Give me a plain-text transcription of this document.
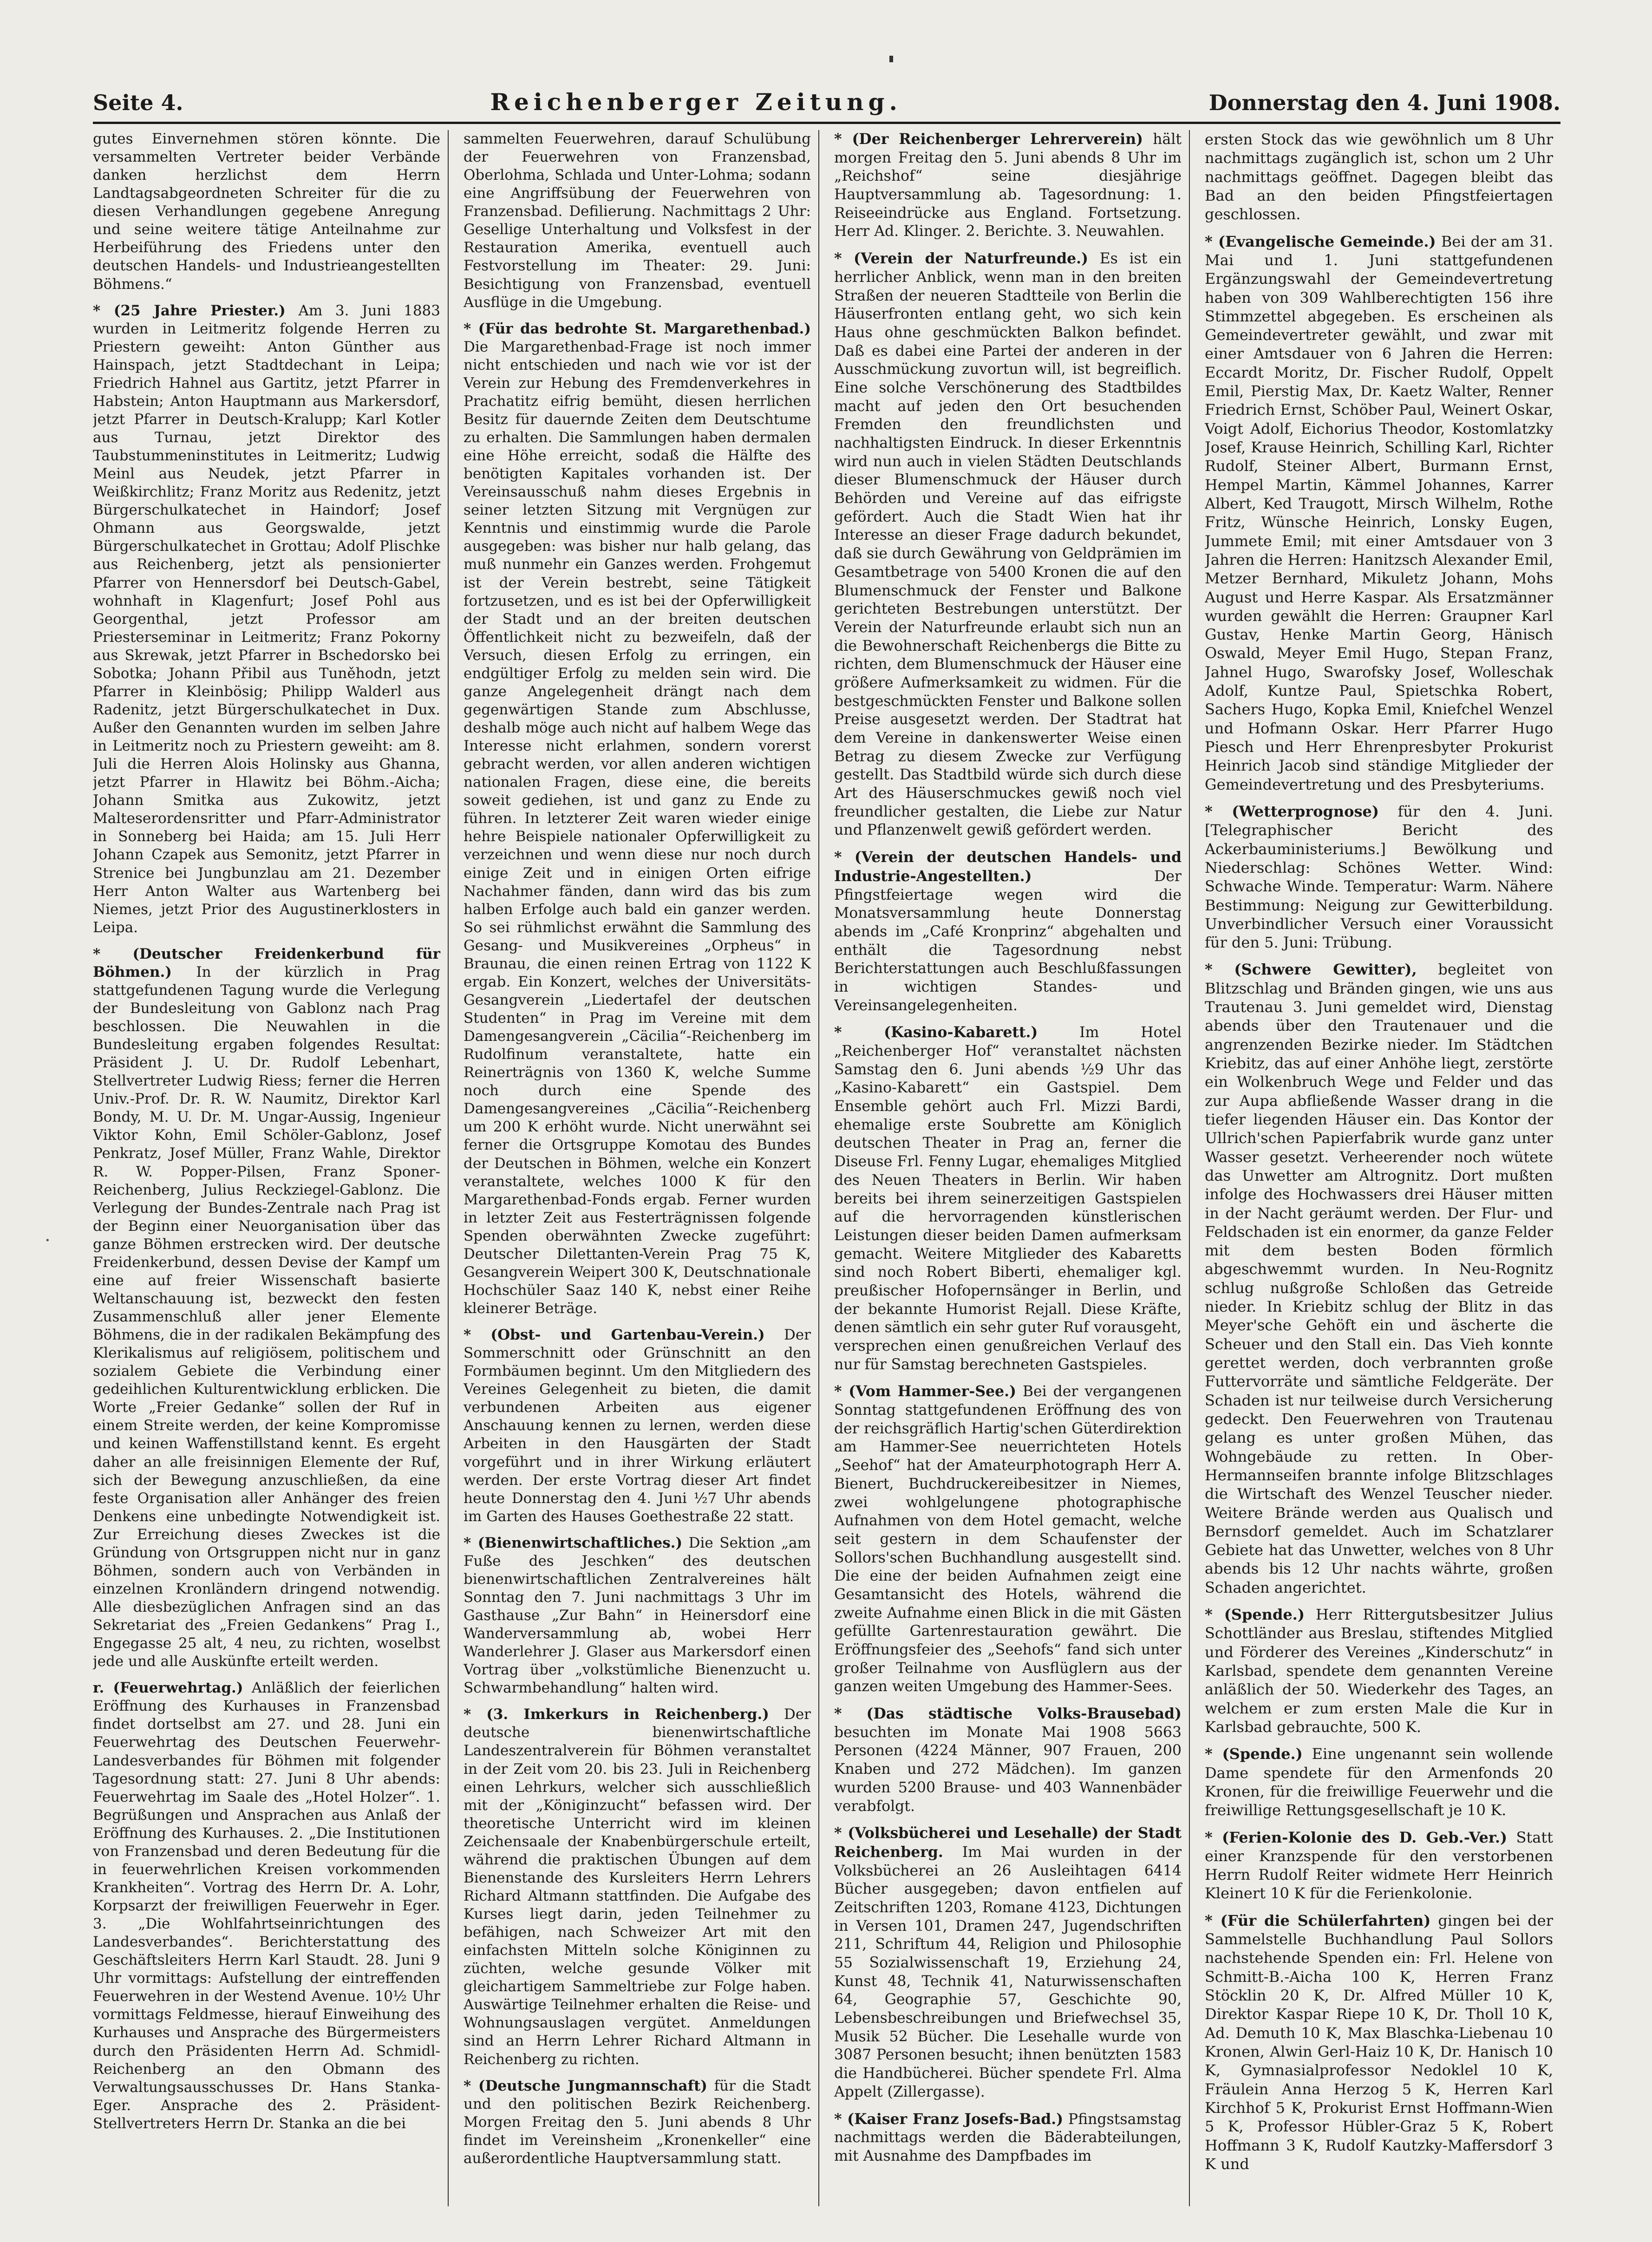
Seite 4.	Reichenberger Zeitung.	Donnerstag den 4. Juni 1908.
·

gutes Einvernehmen stören könnte. Die versammelten Vertreter beider Verbände danken herzlichst dem Herrn Landtagsabgeordneten Schreiter für die zu diesen Verhandlungen gegebene Anregung und seine weitere tätige Anteilnahme zur Herbeiführung des Friedens unter den deutschen Handels- und Industrieangestellten Böhmens.“

* (25 Jahre Priester.) Am 3. Juni 1883 wurden in Leitmeritz folgende Herren zu Priestern geweiht: Anton Günther aus Hainspach, jetzt Stadtdechant in Leipa; Friedrich Hahnel aus Gartitz, jetzt Pfarrer in Habstein; Anton Hauptmann aus Markersdorf, jetzt Pfarrer in Deutsch-Kralupp; Karl Kotler aus Turnau, jetzt Direktor des Taubstummeninstitutes in Leitmeritz; Ludwig Meinl aus Neudek, jetzt Pfarrer in Weißkirchlitz; Franz Moritz aus Redenitz, jetzt Bürgerschulkatechet in Haindorf; Josef Ohmann aus Georgswalde, jetzt Bürgerschulkatechet in Grottau; Adolf Plischke aus Reichenberg, jetzt als pensionierter Pfarrer von Hennersdorf bei Deutsch-Gabel, wohnhaft in Klagenfurt; Josef Pohl aus Georgenthal, jetzt Professor am Priesterseminar in Leitmeritz; Franz Pokorny aus Skrewak, jetzt Pfarrer in Bschedorsko bei Sobotka; Johann Přibil aus Tuněhodn, jetzt Pfarrer in Kleinbösig; Philipp Walderl aus Radenitz, jetzt Bürgerschulkatechet in Dux. Außer den Genannten wurden im selben Jahre in Leitmeritz noch zu Priestern geweiht: am 8. Juli die Herren Alois Holinsky aus Ghanna, jetzt Pfarrer in Hlawitz bei Böhm.-Aicha; Johann Smitka aus Zukowitz, jetzt Malteserordensritter und Pfarr-Administrator in Sonneberg bei Haida; am 15. Juli Herr Johann Czapek aus Semonitz, jetzt Pfarrer in Strenice bei Jungbunzlau am 21. Dezember Herr Anton Walter aus Wartenberg bei Niemes, jetzt Prior des Augustinerklosters in Leipa.

* (Deutscher Freidenkerbund für Böhmen.) In der kürzlich in Prag stattgefundenen Tagung wurde die Verlegung der Bundesleitung von Gablonz nach Prag beschlossen. Die Neuwahlen in die Bundesleitung ergaben folgendes Resultat: Präsident J. U. Dr. Rudolf Lebenhart, Stellvertreter Ludwig Riess; ferner die Herren Univ.-Prof. Dr. R. W. Naumitz, Direktor Karl Bondy, M. U. Dr. M. Ungar-Aussig, Ingenieur Viktor Kohn, Emil Schöler-Gablonz, Josef Penkratz, Josef Müller, Franz Wahle, Direktor R. W. Popper-Pilsen, Franz Sponer-Reichenberg, Julius Reckziegel-Gablonz. Die Verlegung der Bundes-Zentrale nach Prag ist der Beginn einer Neuorganisation über das ganze Böhmen erstrecken wird. Der deutsche Freidenkerbund, dessen Devise der Kampf um eine auf freier Wissenschaft basierte Weltanschauung ist, bezweckt den festen Zusammenschluß aller jener Elemente Böhmens, die in der radikalen Bekämpfung des Klerikalismus auf religiösem, politischem und sozialem Gebiete die Verbindung einer gedeihlichen Kulturentwicklung erblicken. Die Worte „Freier Gedanke“ sollen der Ruf in einem Streite werden, der keine Kompromisse und keinen Waffenstillstand kennt. Es ergeht daher an alle freisinnigen Elemente der Ruf, sich der Bewegung anzuschließen, da eine feste Organisation aller Anhänger des freien Denkens eine unbedingte Notwendigkeit ist. Zur Erreichung dieses Zweckes ist die Gründung von Ortsgruppen nicht nur in ganz Böhmen, sondern auch von Verbänden in einzelnen Kronländern dringend notwendig. Alle diesbezüglichen Anfragen sind an das Sekretariat des „Freien Gedankens“ Prag I., Engegasse 25 alt, 4 neu, zu richten, woselbst jede und alle Auskünfte erteilt werden.

r. (Feuerwehrtag.) Anläßlich der feierlichen Eröffnung des Kurhauses in Franzensbad findet dortselbst am 27. und 28. Juni ein Feuerwehrtag des Deutschen Feuerwehr-Landesverbandes für Böhmen mit folgender Tagesordnung statt: 27. Juni 8 Uhr abends: Feuerwehrtag im Saale des „Hotel Holzer“. 1. Begrüßungen und Ansprachen aus Anlaß der Eröffnung des Kurhauses. 2. „Die Institutionen von Franzensbad und deren Bedeutung für die in feuerwehrlichen Kreisen vorkommenden Krankheiten“. Vortrag des Herrn Dr. A. Lohr, Korpsarzt der freiwilligen Feuerwehr in Eger. 3. „Die Wohlfahrtseinrichtungen des Landesverbandes“. Berichterstattung des Geschäftsleiters Herrn Karl Staudt. 28. Juni 9 Uhr vormittags: Aufstellung der eintreffenden Feuerwehren in der Westend Avenue. 10½ Uhr vormittags Feldmesse, hierauf Einweihung des Kurhauses und Ansprache des Bürgermeisters durch den Präsidenten Herrn Ad. Schmidl-Reichenberg an den Obmann des Verwaltungsausschusses Dr. Hans Stanka-Eger. Ansprache des 2. Präsident-Stellvertreters Herrn Dr. Stanka an die bei

sammelten Feuerwehren, darauf Schulübung der Feuerwehren von Franzensbad, Oberlohma, Schlada und Unter-Lohma; sodann eine Angriffsübung der Feuerwehren von Franzensbad. Defilierung. Nachmittags 2 Uhr: Gesellige Unterhaltung und Volksfest in der Restauration Amerika, eventuell auch Festvorstellung im Theater: 29. Juni: Besichtigung von Franzensbad, eventuell Ausflüge in die Umgebung.

* (Für das bedrohte St. Margarethenbad.) Die Margarethenbad-Frage ist noch immer nicht entschieden und nach wie vor ist der Verein zur Hebung des Fremdenverkehres in Prachatitz eifrig bemüht, diesen herrlichen Besitz für dauernde Zeiten dem Deutschtume zu erhalten. Die Sammlungen haben dermalen eine Höhe erreicht, sodaß die Hälfte des benötigten Kapitales vorhanden ist. Der Vereinsausschuß nahm dieses Ergebnis in seiner letzten Sitzung mit Vergnügen zur Kenntnis und einstimmig wurde die Parole ausgegeben: was bisher nur halb gelang, das muß nunmehr ein Ganzes werden. Frohgemut ist der Verein bestrebt, seine Tätigkeit fortzusetzen, und es ist bei der Opferwilligkeit der Stadt und an der breiten deutschen Öffentlichkeit nicht zu bezweifeln, daß der Versuch, diesen Erfolg zu erringen, ein endgültiger Erfolg zu melden sein wird. Die ganze Angelegenheit drängt nach dem gegenwärtigen Stande zum Abschlusse, deshalb möge auch nicht auf halbem Wege das Interesse nicht erlahmen, sondern vorerst gebracht werden, vor allen anderen wichtigen nationalen Fragen, diese eine, die bereits soweit gediehen, ist und ganz zu Ende zu führen. In letzterer Zeit waren wieder einige hehre Beispiele nationaler Opferwilligkeit zu verzeichnen und wenn diese nur noch durch einige Zeit und in einigen Orten eifrige Nachahmer fänden, dann wird das bis zum halben Erfolge auch bald ein ganzer werden. So sei rühmlichst erwähnt die Sammlung des Gesang- und Musikvereines „Orpheus“ in Braunau, die einen reinen Ertrag von 1122 K ergab. Ein Konzert, welches der Universitäts-Gesangverein „Liedertafel der deutschen Studenten“ in Prag im Vereine mit dem Damengesangverein „Cäcilia“-Reichenberg im Rudolfinum veranstaltete, hatte ein Reinerträgnis von 1360 K, welche Summe noch durch eine Spende des Damengesangvereines „Cäcilia“-Reichenberg um 200 K erhöht wurde. Nicht unerwähnt sei ferner die Ortsgruppe Komotau des Bundes der Deutschen in Böhmen, welche ein Konzert veranstaltete, welches 1000 K für den Margarethenbad-Fonds ergab. Ferner wurden in letzter Zeit aus Festerträgnissen folgende Spenden oberwähnten Zwecke zugeführt: Deutscher Dilettanten-Verein Prag 75 K, Gesangverein Weipert 300 K, Deutschnationale Hochschüler Saaz 140 K, nebst einer Reihe kleinerer Beträge.

* (Obst- und Gartenbau-Verein.) Der Sommerschnitt oder Grünschnitt an den Formbäumen beginnt. Um den Mitgliedern des Vereines Gelegenheit zu bieten, die damit verbundenen Arbeiten aus eigener Anschauung kennen zu lernen, werden diese Arbeiten in den Hausgärten der Stadt vorgeführt und in ihrer Wirkung erläutert werden. Der erste Vortrag dieser Art findet heute Donnerstag den 4. Juni ½7 Uhr abends im Garten des Hauses Goethestraße 22 statt.

* (Bienenwirtschaftliches.) Die Sektion „am Fuße des Jeschken“ des deutschen bienenwirtschaftlichen Zentralvereines hält Sonntag den 7. Juni nachmittags 3 Uhr im Gasthause „Zur Bahn“ in Heinersdorf eine Wanderversammlung ab, wobei Herr Wanderlehrer J. Glaser aus Markersdorf einen Vortrag über „volkstümliche Bienenzucht u. Schwarmbehandlung“ halten wird.

* (3. Imkerkurs in Reichenberg.) Der deutsche bienenwirtschaftliche Landeszentralverein für Böhmen veranstaltet in der Zeit vom 20. bis 23. Juli in Reichenberg einen Lehrkurs, welcher sich ausschließlich mit der „Königinzucht“ befassen wird. Der theoretische Unterricht wird im kleinen Zeichensaale der Knabenbürgerschule erteilt, während die praktischen Übungen auf dem Bienenstande des Kursleiters Herrn Lehrers Richard Altmann stattfinden. Die Aufgabe des Kurses liegt darin, jeden Teilnehmer zu befähigen, nach Schweizer Art mit den einfachsten Mitteln solche Königinnen zu züchten, welche gesunde Völker mit gleichartigem Sammeltriebe zur Folge haben. Auswärtige Teilnehmer erhalten die Reise- und Wohnungsauslagen vergütet. Anmeldungen sind an Herrn Lehrer Richard Altmann in Reichenberg zu richten.

* (Deutsche Jungmannschaft) für die Stadt und den politischen Bezirk Reichenberg. Morgen Freitag den 5. Juni abends 8 Uhr findet im Vereinsheim „Kronenkeller“ eine außerordentliche Hauptversammlung statt.

* (Der Reichenberger Lehrerverein) hält morgen Freitag den 5. Juni abends 8 Uhr im „Reichshof“ seine diesjährige Hauptversammlung ab. Tagesordnung: 1. Reiseeindrücke aus England. Fortsetzung. Herr Ad. Klinger. 2. Berichte. 3. Neuwahlen.

* (Verein der Naturfreunde.) Es ist ein herrlicher Anblick, wenn man in den breiten Straßen der neueren Stadtteile von Berlin die Häuserfronten entlang geht, wo sich kein Haus ohne geschmückten Balkon befindet. Daß es dabei eine Partei der anderen in der Ausschmückung zuvortun will, ist begreiflich. Eine solche Verschönerung des Stadtbildes macht auf jeden den Ort besuchenden Fremden den freundlichsten und nachhaltigsten Eindruck. In dieser Erkenntnis wird nun auch in vielen Städten Deutschlands dieser Blumenschmuck der Häuser durch Behörden und Vereine auf das eifrigste gefördert. Auch die Stadt Wien hat ihr Interesse an dieser Frage dadurch bekundet, daß sie durch Gewährung von Geldprämien im Gesamtbetrage von 5400 Kronen die auf den Blumenschmuck der Fenster und Balkone gerichteten Bestrebungen unterstützt. Der Verein der Naturfreunde erlaubt sich nun an die Bewohnerschaft Reichenbergs die Bitte zu richten, dem Blumenschmuck der Häuser eine größere Aufmerksamkeit zu widmen. Für die bestgeschmückten Fenster und Balkone sollen Preise ausgesetzt werden. Der Stadtrat hat dem Vereine in dankenswerter Weise einen Betrag zu diesem Zwecke zur Verfügung gestellt. Das Stadtbild würde sich durch diese Art des Häuserschmuckes gewiß noch viel freundlicher gestalten, die Liebe zur Natur und Pflanzenwelt gewiß gefördert werden.

* (Verein der deutschen Handels- und Industrie-Angestellten.)	Der Pfingstfeiertage wegen wird die Monatsversammlung heute Donnerstag abends im „Café Kronprinz“ abgehalten und enthält die Tagesordnung nebst Berichterstattungen auch Beschlußfassungen in wichtigen Standes- und Vereinsangelegenheiten.

* (Kasino-Kabarett.)	Im Hotel „Reichenberger Hof“ veranstaltet nächsten Samstag den 6. Juni abends ½9 Uhr das „Kasino-Kabarett“ ein Gastspiel. Dem Ensemble gehört auch Frl. Mizzi Bardi, ehemalige erste Soubrette am Königlich deutschen Theater in Prag an, ferner die Diseuse Frl. Fenny Lugar, ehemaliges Mitglied des Neuen Theaters in Berlin. Wir haben bereits bei ihrem seinerzeitigen Gastspielen auf die hervorragenden künstlerischen Leistungen dieser beiden Damen aufmerksam gemacht. Weitere Mitglieder des Kabaretts sind noch Robert Biberti, ehemaliger kgl. preußischer Hofopernsänger in Berlin, und der bekannte Humorist Rejall. Diese Kräfte, denen sämtlich ein sehr guter Ruf vorausgeht, versprechen einen genußreichen Verlauf des nur für Samstag berechneten Gastspieles.

* (Vom Hammer-See.) Bei der vergangenen Sonntag stattgefundenen Eröffnung des von der reichsgräflich Hartig'schen Güterdirektion am Hammer-See neuerrichteten Hotels „Seehof“ hat der Amateurphotograph Herr A. Bienert, Buchdruckereibesitzer in Niemes, zwei wohlgelungene photographische Aufnahmen von dem Hotel gemacht, welche seit gestern in dem Schaufenster der Sollors'schen Buchhandlung ausgestellt sind. Die eine der beiden Aufnahmen zeigt eine Gesamtansicht des Hotels, während die zweite Aufnahme einen Blick in die mit Gästen gefüllte Gartenrestauration gewährt. Die Eröffnungsfeier des „Seehofs“ fand sich unter großer Teilnahme von Ausflüglern aus der ganzen weiten Umgebung des Hammer-Sees.

* (Das städtische Volks-Brausebad) besuchten im Monate Mai 1908 5663 Personen (4224 Männer, 907 Frauen, 200 Knaben und 272 Mädchen). Im ganzen wurden 5200 Brause- und 403 Wannenbäder verabfolgt.

* (Volksbücherei und Lesehalle) der Stadt Reichenberg. Im Mai wurden in der Volksbücherei an 26 Ausleihtagen 6414 Bücher ausgegeben; davon entfielen auf Zeitschriften 1203, Romane 4123, Dichtungen in Versen 101, Dramen 247, Jugendschriften 211, Schriftum 44, Religion und Philosophie 55 Sozialwissenschaft 19, Erziehung 24, Kunst 48, Technik 41, Naturwissenschaften 64, Geographie 57, Geschichte 90, Lebensbeschreibungen und Briefwechsel 35, Musik 52 Bücher. Die Lesehalle wurde von 3087 Personen besucht; ihnen benützten 1583 die Handbücherei. Bücher spendete Frl. Alma Appelt (Zillergasse).

* (Kaiser Franz Josefs-Bad.) Pfingstsamstag nachmittags werden die Bäderabteilungen, mit Ausnahme des Dampfbades im

ersten Stock das wie gewöhnlich um 8 Uhr nachmittags zugänglich ist, schon um 2 Uhr nachmittags geöffnet. Dagegen bleibt das Bad an den beiden Pfingstfeiertagen geschlossen.

* (Evangelische Gemeinde.) Bei der am 31. Mai und 1. Juni stattgefundenen Ergänzungswahl der Gemeindevertretung haben von 309 Wahlberechtigten 156 ihre Stimmzettel abgegeben. Es erscheinen als Gemeindevertreter gewählt, und zwar mit einer Amtsdauer von 6 Jahren die Herren: Eccardt Moritz, Dr. Fischer Rudolf, Oppelt Emil, Pierstig Max, Dr. Kaetz Walter, Renner Friedrich Ernst, Schöber Paul, Weinert Oskar, Voigt Adolf, Eichorius Theodor, Kostomlatzky Josef, Krause Heinrich, Schilling Karl, Richter Rudolf, Steiner Albert, Burmann Ernst, Hempel Martin, Kämmel Johannes, Karrer Albert, Ked Traugott, Mirsch Wilhelm, Rothe Fritz, Wünsche Heinrich, Lonsky Eugen, Jummete Emil; mit einer Amtsdauer von 3 Jahren die Herren: Hanitzsch Alexander Emil, Metzer Bernhard, Mikuletz Johann, Mohs August und Herre Kaspar. Als Ersatzmänner wurden gewählt die Herren: Graupner Karl Gustav, Henke Martin Georg, Hänisch Oswald, Meyer Emil Hugo, Stepan Franz, Jahnel Hugo, Swarofsky Josef, Wolleschak Adolf, Kuntze Paul, Spietschka Robert, Sachers Hugo, Kopka Emil, Kniefchel Wenzel und Hofmann Oskar. Herr Pfarrer Hugo Piesch und Herr Ehrenpresbyter Prokurist Heinrich Jacob sind ständige Mitglieder der Gemeindevertretung und des Presbyteriums.

* (Wetterprognose) für den 4. Juni. [Telegraphischer Bericht des Ackerbauministeriums.] Bewölkung und Niederschlag: Schönes Wetter. Wind: Schwache Winde. Temperatur: Warm. Nähere Bestimmung: Neigung zur Gewitterbildung. Unverbindlicher Versuch einer Voraussicht für den 5. Juni: Trübung.

* (Schwere Gewitter), begleitet von Blitzschlag und Bränden gingen, wie uns aus Trautenau 3. Juni gemeldet wird, Dienstag abends über den Trautenauer und die angrenzenden Bezirke nieder. Im Städtchen Kriebitz, das auf einer Anhöhe liegt, zerstörte ein Wolkenbruch Wege und Felder und das zur Aupa abfließende Wasser drang in die tiefer liegenden Häuser ein. Das Kontor der Ullrich'schen Papierfabrik wurde ganz unter Wasser gesetzt. Verheerender noch wütete das Unwetter am Altrognitz. Dort mußten infolge des Hochwassers drei Häuser mitten in der Nacht geräumt werden. Der Flur- und Feldschaden ist ein enormer, da ganze Felder mit dem besten Boden förmlich abgeschwemmt wurden. In Neu-Rognitz schlug nußgroße Schloßen das Getreide nieder. In Kriebitz schlug der Blitz in das Meyer'sche Gehöft ein und äscherte die Scheuer und den Stall ein. Das Vieh konnte gerettet werden, doch verbrannten große Futtervorräte und sämtliche Feldgeräte. Der Schaden ist nur teilweise durch Versicherung gedeckt. Den Feuerwehren von Trautenau gelang es unter großen Mühen, das Wohngebäude zu retten. In Ober-Hermannseifen brannte infolge Blitzschlages die Wirtschaft des Wenzel Teuscher nieder. Weitere Brände werden aus Qualisch und Bernsdorf gemeldet. Auch im Schatzlarer Gebiete hat das Unwetter, welches von 8 Uhr abends bis 12 Uhr nachts währte, großen Schaden angerichtet.

* (Spende.) Herr Rittergutsbesitzer Julius Schottländer aus Breslau, stiftendes Mitglied und Förderer des Vereines „Kinderschutz“ in Karlsbad, spendete dem genannten Vereine anläßlich der 50. Wiederkehr des Tages, an welchem er zum ersten Male die Kur in Karlsbad gebrauchte, 500 K.

* (Spende.) Eine ungenannt sein wollende Dame spendete für den Armenfonds 20 Kronen, für die freiwillige Feuerwehr und die freiwillige Rettungsgesellschaft je 10 K.

* (Ferien-Kolonie des D. Geb.-Ver.) Statt einer Kranzspende für den verstorbenen Herrn Rudolf Reiter widmete Herr Heinrich Kleinert 10 K für die Ferienkolonie.

* (Für die Schülerfahrten) gingen bei der Sammelstelle Buchhandlung Paul Sollors nachstehende Spenden ein: Frl. Helene von Schmitt-B.-Aicha 100 K, Herren Franz Stöcklin 20 K, Dr. Alfred Müller 10 K, Direktor Kaspar Riepe 10 K, Dr. Tholl 10 K, Ad. Demuth 10 K, Max Blaschka-Liebenau 10 Kronen, Alwin Gerl-Haiz 10 K, Dr. Hanisch 10 K, Gymnasialprofessor Nedoklel 10 K, Fräulein Anna Herzog 5 K, Herren Karl Kirchhof 5 K, Prokurist Ernst Hoffmann-Wien 5 K, Professor Hübler-Graz 5 K, Robert Hoffmann 3 K, Rudolf Kautzky-Maffersdorf 3 K und
